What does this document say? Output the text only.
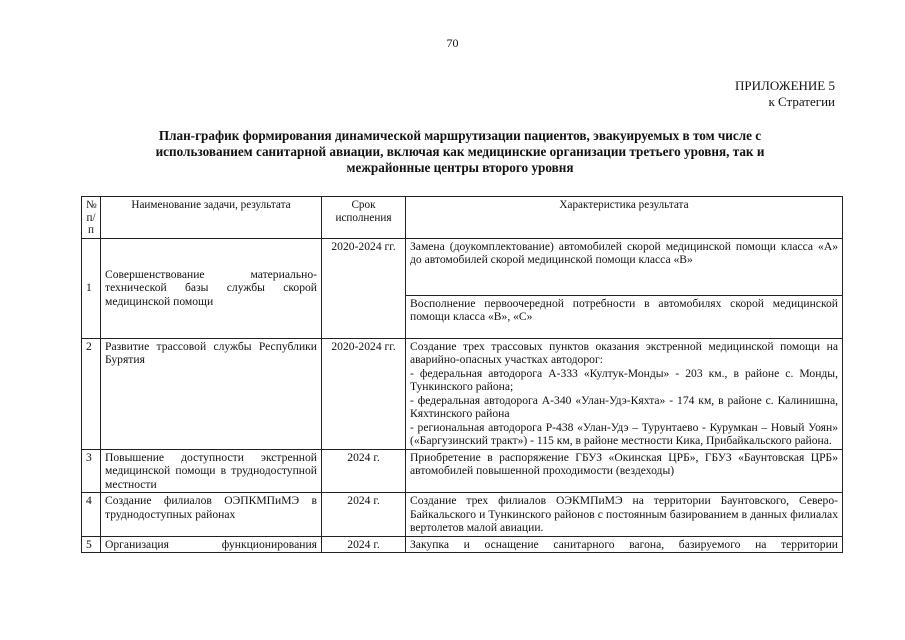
70
ПРИЛОЖЕНИЕ 5
к Стратегии
План-график формирования динамической маршрутизации пациентов, эвакуируемых в том числе с
использованием санитарной авиации, включая как медицинские организации третьего уровня, так и
межрайонные центры второго уровня
№ п/п	Наименование задачи, результата	Срок исполнения	Характеристика результата
1	Совершенствование материально-технической базы службы скорой медицинской помощи	2020-2024 гг.	Замена (доукомплектование) автомобилей скорой медицинской помощи класса «А» до автомобилей скорой медицинской помощи класса «В»
			Восполнение первоочередной потребности в автомобилях скорой медицинской помощи класса «В», «С»
2	Развитие трассовой службы Республики Бурятия	2020-2024 гг.	Создание трех трассовых пунктов оказания экстренной медицинской помощи на аварийно-опасных участках автодорог:
- федеральная автодорога А-333 «Култук-Монды» - 203 км., в районе с. Монды, Тункинского района;
- федеральная автодорога А-340 «Улан-Удэ-Кяхта» - 174 км, в районе с. Калинишна, Кяхтинского района
- региональная автодорога Р-438 «Улан-Удэ – Турунтаево - Курумкан – Новый Уоян» («Баргузинский тракт») - 115 км, в районе местности Кика, Прибайкальского района.

3	Повышение доступности экстренной медицинской помощи в труднодоступной местности	2024 г.	Приобретение в распоряжение ГБУЗ «Окинская ЦРБ», ГБУЗ «Баунтовская ЦРБ» автомобилей повышенной проходимости (вездеходы)
4	Создание филиалов ОЭПКМПиМЭ в труднодоступных районах	2024 г.	Создание трех филиалов ОЭКМПиМЭ на территории Баунтовского, Северо-Байкальского и Тункинского районов с постоянным базированием в данных филиалах вертолетов малой авиации.
5	Организация функционирования	2024 г.	Закупка и оснащение санитарного вагона, базируемого на территории
